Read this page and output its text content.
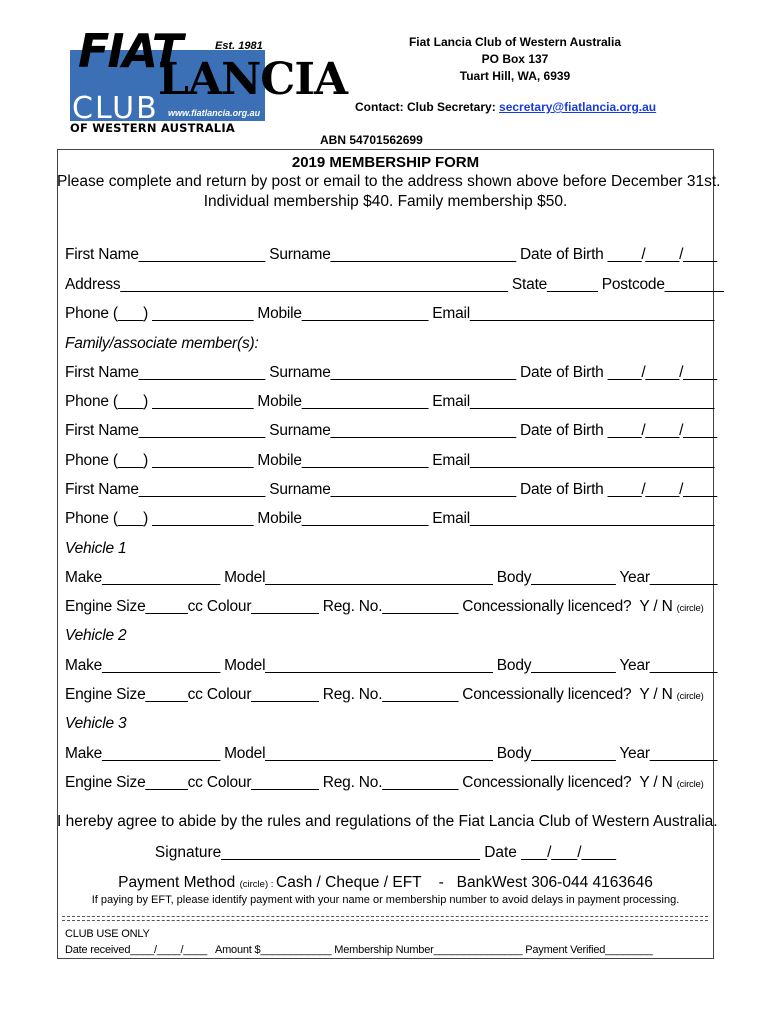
FIAT	Est. 1981
LANCIA
CLUB www.fiatlancia.org.au
OF WESTERN AUSTRALIA
Fiat Lancia Club of Western Australia
PO Box 137
Tuart Hill, WA, 6939
Contact: Club Secretary: secretary@fiatlancia.org.au
ABN 54701562699
2019 MEMBERSHIP FORM
Please complete and return by post or email to the address shown above before December 31st.
Individual membership $40. Family membership $50.
First Name_______________ Surname______________________ Date of Birth ____/____/____
Address______________________________________________ State______ Postcode_______
Phone (___) ____________ Mobile_______________ Email_____________________________
Family/associate member(s):
First Name_______________ Surname______________________ Date of Birth ____/____/____
Phone (___) ____________ Mobile_______________ Email_____________________________
First Name_______________ Surname______________________ Date of Birth ____/____/____
Phone (___) ____________ Mobile_______________ Email_____________________________
First Name_______________ Surname______________________ Date of Birth ____/____/____
Phone (___) ____________ Mobile_______________ Email_____________________________
Vehicle 1
Make______________ Model___________________________ Body__________ Year________
Engine Size_____cc Colour________ Reg. No._________ Concessionally licenced?  Y / N (circle)
Vehicle 2
Make______________ Model___________________________ Body__________ Year________
Engine Size_____cc Colour________ Reg. No._________ Concessionally licenced?  Y / N (circle)
Vehicle 3
Make______________ Model___________________________ Body__________ Year________
Engine Size_____cc Colour________ Reg. No._________ Concessionally licenced?  Y / N (circle)
I hereby agree to abide by the rules and regulations of the Fiat Lancia Club of Western Australia.
Signature______________________________ Date ___/___/____
Payment Method (circle) : Cash / Cheque / EFT    -   BankWest 306-044 4163646
If paying by EFT, please identify payment with your name or membership number to avoid delays in payment processing.
CLUB USE ONLY
Date received____/____/____   Amount $____________ Membership Number_______________ Payment Verified________
